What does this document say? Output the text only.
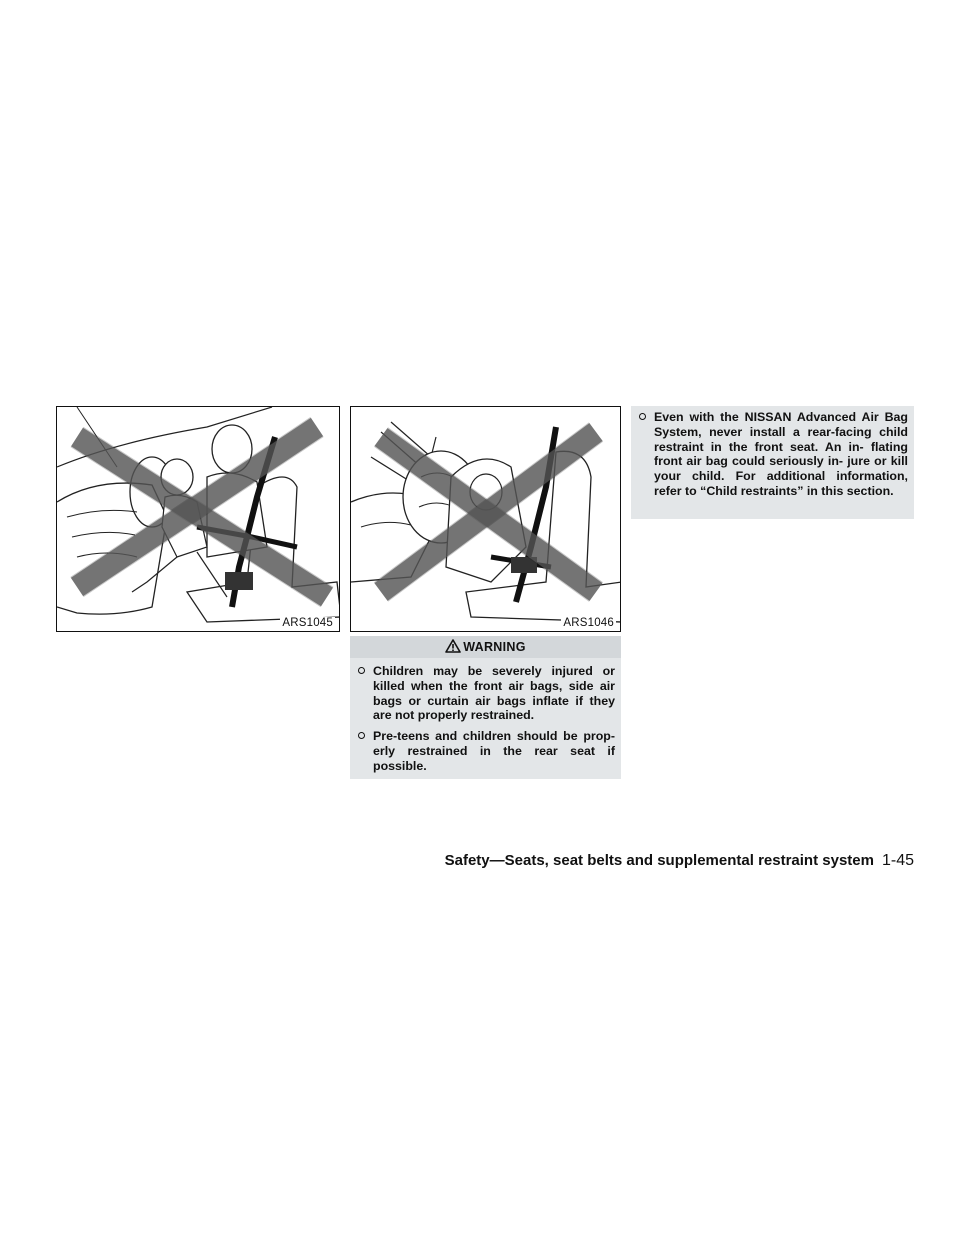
ARS1045	ARS1046
WARNING
Children may be severely injured or killed when the front air bags, side air bags or curtain air bags inflate if they are not properly restrained.
Pre-teens and children should be prop- erly restrained in the rear seat if possible.
Even with the NISSAN Advanced Air Bag System, never install a rear-facing child restraint in the front seat. An in- flating front air bag could seriously in- jure or kill your child. For additional information, refer to “Child restraints” in this section.
Safety—Seats, seat belts and supplemental restraint system 1-45
